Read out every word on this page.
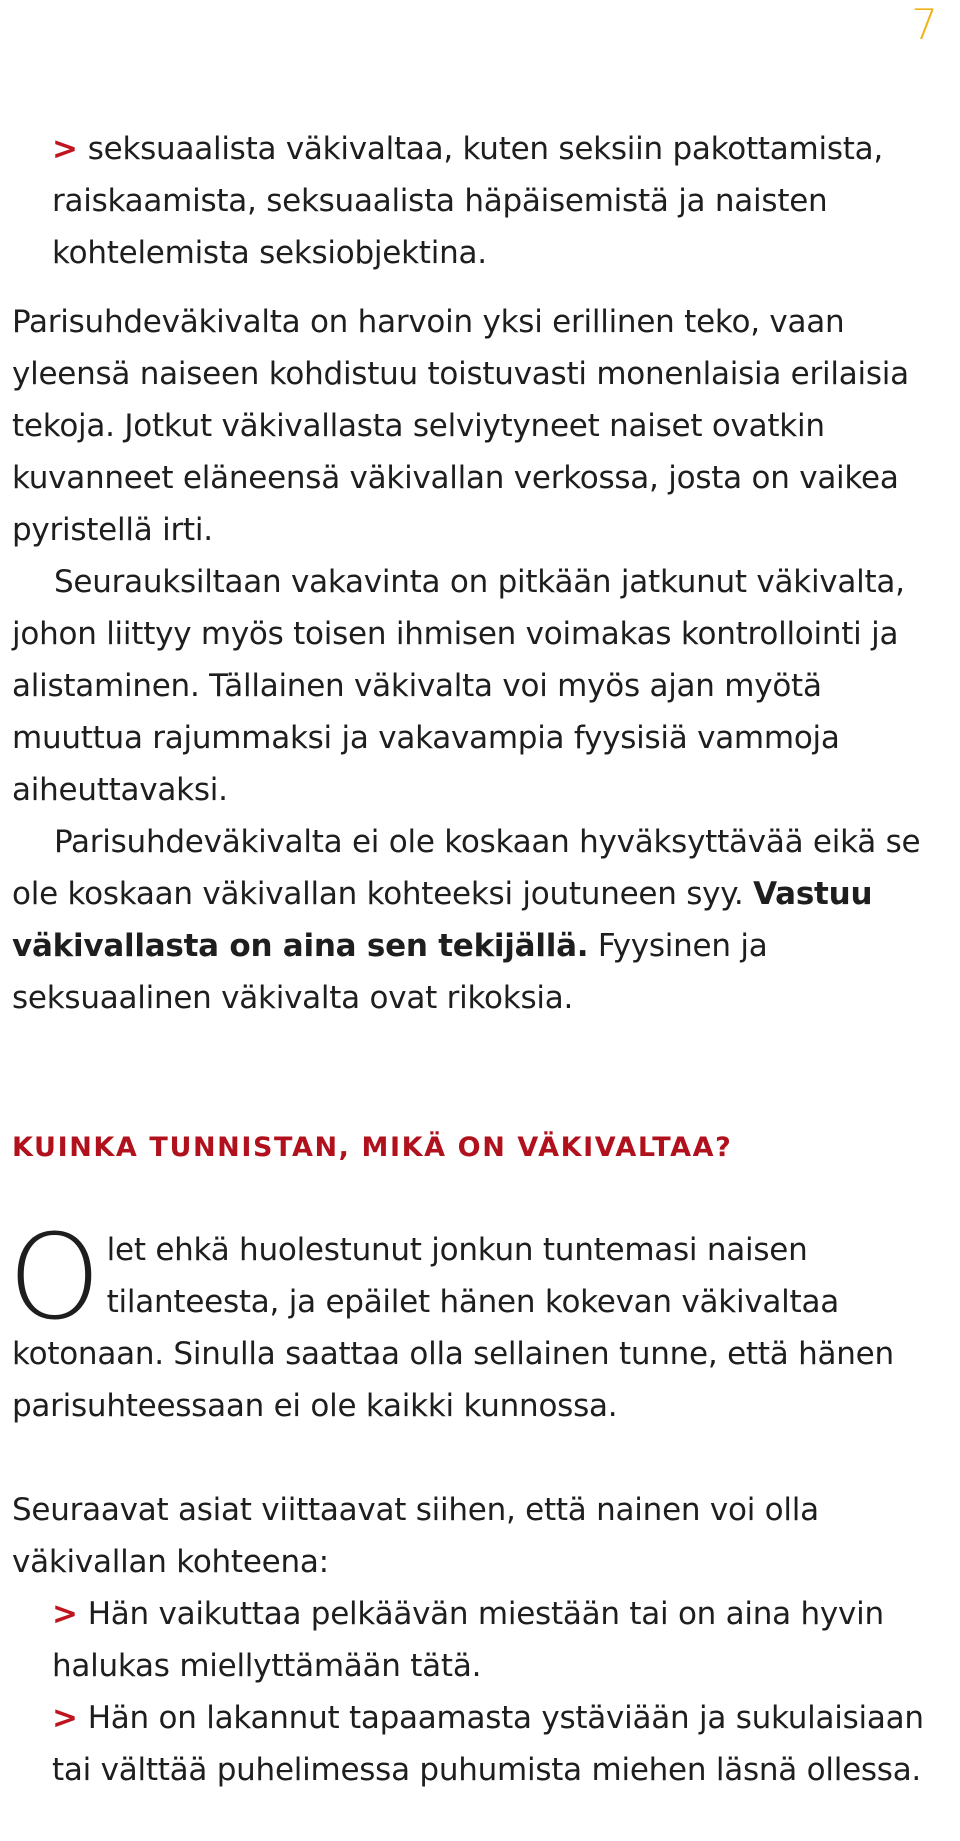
7
> seksuaalista väkivaltaa, kuten seksiin pakottamista, raiskaamista, seksuaalista häpäisemistä ja naisten kohtelemista seksiobjektina.

Parisuhdeväkivalta on harvoin yksi erillinen teko, vaan yleensä naiseen kohdistuu toistuvasti monenlaisia erilaisia tekoja. Jotkut väkivallasta selviytyneet naiset ovatkin kuvanneet eläneensä väkivallan verkossa, josta on vaikea pyristellä irti.

Seurauksiltaan vakavinta on pitkään jatkunut väkivalta, johon liittyy myös toisen ihmisen voimakas kontrollointi ja alistaminen. Tällainen väkivalta voi myös ajan myötä muuttua rajummaksi ja vakavampia fyysisiä vammoja aiheuttavaksi.

Parisuhdeväkivalta ei ole koskaan hyväksyttävää eikä se ole koskaan väkivallan kohteeksi joutuneen syy. Vastuu väkivallasta on aina sen tekijällä. Fyysinen ja seksuaalinen väkivalta ovat rikoksia.

KUINKA TUNNISTAN, MIKÄ ON VÄKIVALTAA?

Olet ehkä huolestunut jonkun tuntemasi naisen tilanteesta, ja epäilet hänen kokevan väkivaltaa kotonaan. Sinulla saattaa olla sellainen tunne, että hänen parisuhteessaan ei ole kaikki kunnossa.

Seuraavat asiat viittaavat siihen, että nainen voi olla väkivallan kohteena:

> Hän vaikuttaa pelkäävän miestään tai on aina hyvin halukas miellyttämään tätä.
> Hän on lakannut tapaamasta ystäviään ja sukulaisiaan tai välttää puhelimessa puhumista miehen läsnä ollessa.
